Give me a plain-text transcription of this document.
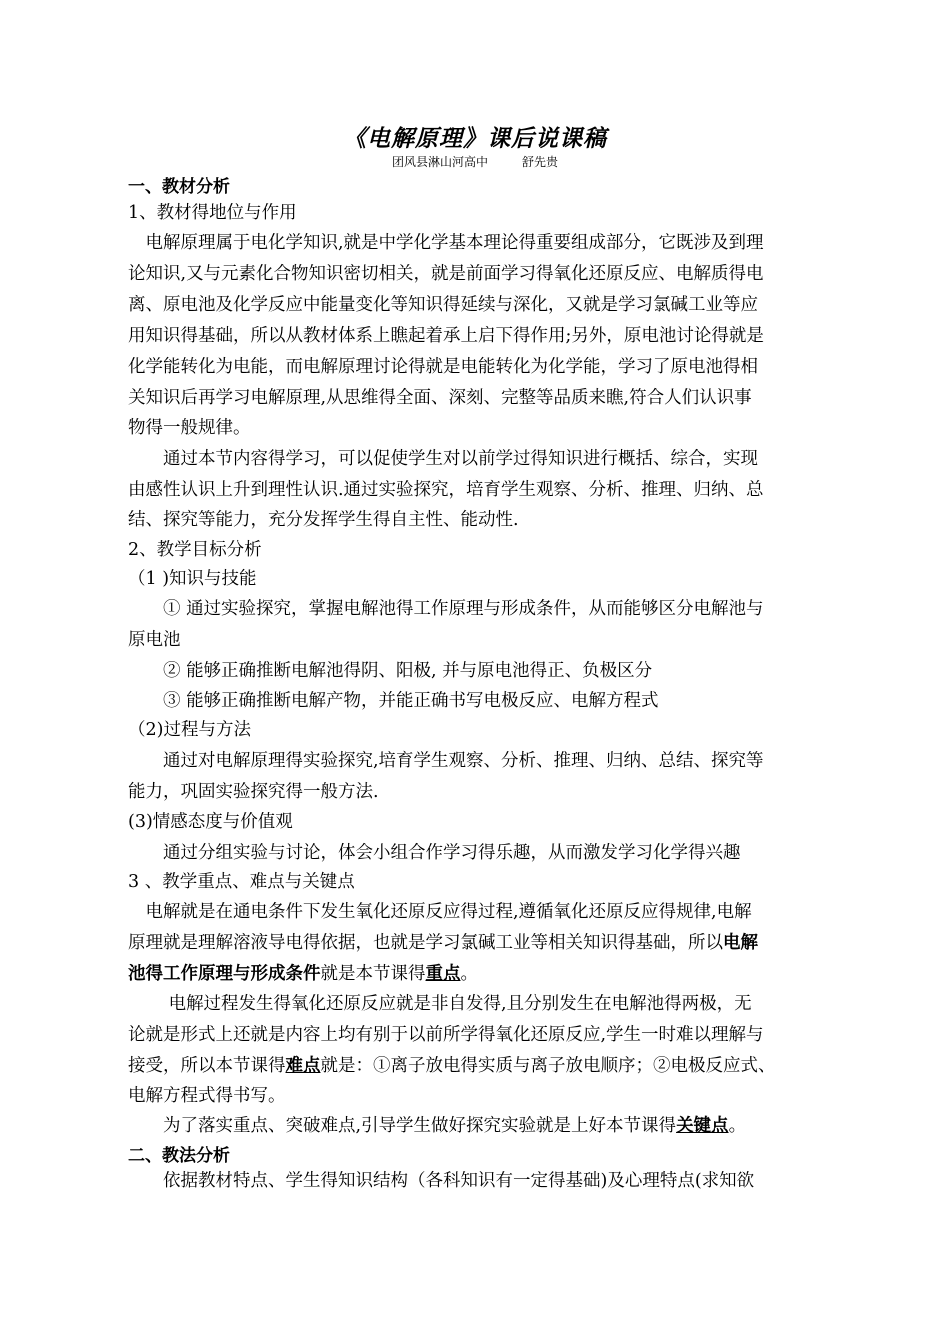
《电解原理》课后说课稿
团风县淋山河高中	舒先贵
一、教材分析
1、教材得地位与作用
　电解原理属于电化学知识,就是中学化学基本理论得重要组成部分，它既涉及到理
论知识,又与元素化合物知识密切相关，就是前面学习得氧化还原反应、电解质得电
离、原电池及化学反应中能量变化等知识得延续与深化，又就是学习氯碱工业等应
用知识得基础，所以从教材体系上瞧起着承上启下得作用;另外，原电池讨论得就是
化学能转化为电能，而电解原理讨论得就是电能转化为化学能，学习了原电池得相
关知识后再学习电解原理,从思维得全面、深刻、完整等品质来瞧,符合人们认识事
物得一般规律。
　　通过本节内容得学习，可以促使学生对以前学过得知识进行概括、综合，实现
由感性认识上升到理性认识.通过实验探究，培育学生观察、分析、推理、归纳、总
结、探究等能力，充分发挥学生得自主性、能动性.
2、教学目标分析
（1 )知识与技能
　　① 通过实验探究，掌握电解池得工作原理与形成条件，从而能够区分电解池与
原电池
　　② 能够正确推断电解池得阴、阳极, 并与原电池得正、负极区分
　　③ 能够正确推断电解产物，并能正确书写电极反应、电解方程式
（2)过程与方法
　　通过对电解原理得实验探究,培育学生观察、分析、推理、归纳、总结、探究等
能力，巩固实验探究得一般方法.
(3)情感态度与价值观
　　通过分组实验与讨论，体会小组合作学习得乐趣，从而激发学习化学得兴趣
3 、教学重点、难点与关键点
　电解就是在通电条件下发生氧化还原反应得过程,遵循氧化还原反应得规律,电解
原理就是理解溶液导电得依据，也就是学习氯碱工业等相关知识得基础，所以电解
池得工作原理与形成条件就是本节课得重点。
　　 电解过程发生得氧化还原反应就是非自发得,且分别发生在电解池得两极，无
论就是形式上还就是内容上均有别于以前所学得氧化还原反应,学生一时难以理解与
接受，所以本节课得难点就是：①离子放电得实质与离子放电顺序；②电极反应式、
电解方程式得书写。
　　为了落实重点、突破难点,引导学生做好探究实验就是上好本节课得关键点。
二、教法分析
　　依据教材特点、学生得知识结构（各科知识有一定得基础)及心理特点(求知欲
